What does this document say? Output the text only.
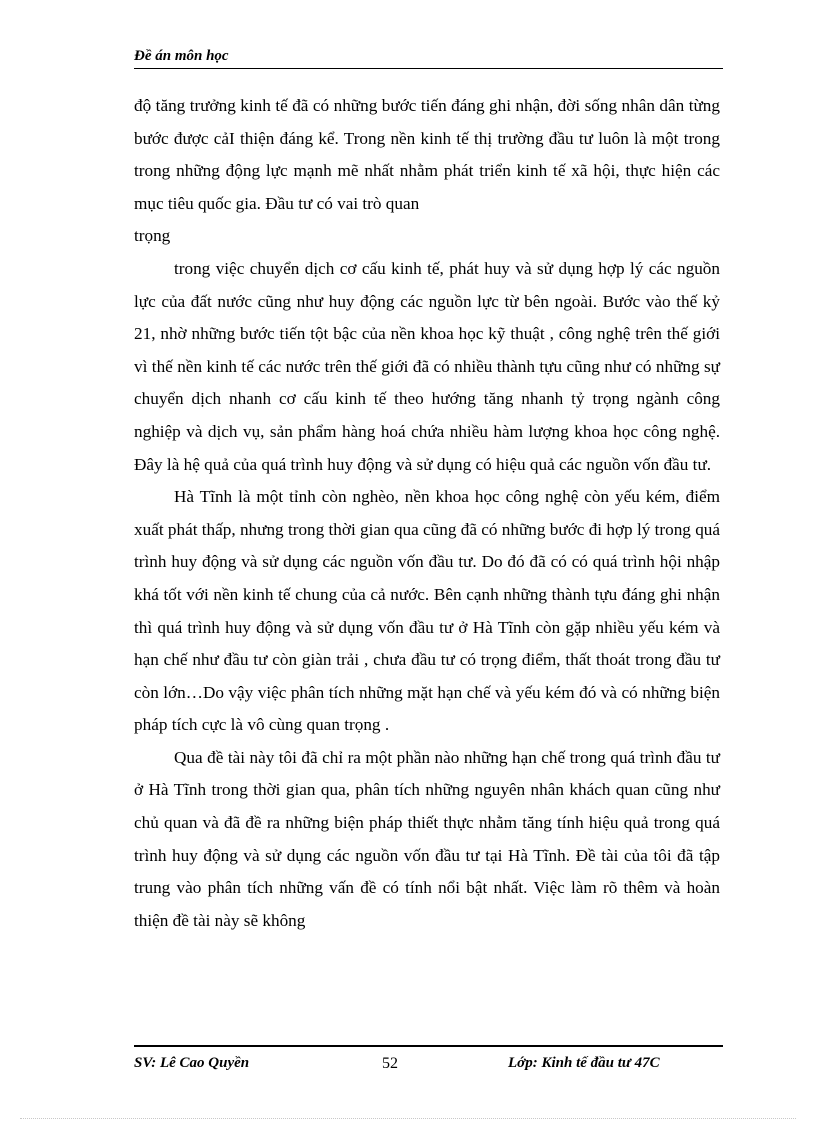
Đề án môn học

độ tăng trưởng kinh tế đã có những bước tiến đáng ghi nhận, đời sống nhân dân từng bước được cảI thiện đáng kể. Trong nền kinh tế thị trường đầu tư luôn là một trong trong những động lực mạnh mẽ nhất nhằm phát triển kinh tế xã hội, thực hiện các mục tiêu quốc gia. Đầu tư có vai trò quan

trọng

trong việc chuyển dịch cơ cấu kinh tế, phát huy và sử dụng hợp lý các nguồn lực của đất nước cũng như huy động các nguồn lực từ bên ngoài. Bước vào thế kỷ 21, nhờ những bước tiến tột bậc của nền khoa học kỹ thuật , công nghệ trên thế giới vì thế nền kinh tế các nước trên thế giới đã có nhiều thành tựu cũng như có những sự chuyển dịch nhanh cơ cấu kinh tế theo hướng tăng nhanh tỷ trọng ngành công nghiệp và dịch vụ, sản phẩm hàng hoá chứa nhiều hàm lượng khoa học công nghệ. Đây là hệ quả của quá trình huy động và sử dụng có hiệu quả các nguồn vốn đầu tư.

Hà Tĩnh là một tỉnh còn nghèo, nền khoa học công nghệ còn yếu kém, điểm xuất phát thấp, nhưng trong thời gian qua cũng đã có những bước đi hợp lý trong quá trình huy động và sử dụng các nguồn vốn đầu tư. Do đó đã có có quá trình hội nhập khá tốt với nền kinh tế chung của cả nước. Bên cạnh những thành tựu đáng ghi nhận thì quá trình huy động và sử dụng vốn đầu tư ở Hà Tĩnh còn gặp nhiều yếu kém và hạn chế như đầu tư còn giàn trải , chưa đầu tư có trọng điểm, thất thoát trong đầu tư còn lớn…Do vậy việc phân tích những mặt hạn chế và yếu kém đó và có những biện pháp tích cực là vô cùng quan trọng .

Qua đề tài này tôi đã chỉ ra một phần nào những hạn chế trong quá trình đầu tư ở Hà Tĩnh trong thời gian qua, phân tích những nguyên nhân khách quan cũng như chủ quan và đã đề ra những biện pháp thiết thực nhằm tăng tính hiệu quả trong quá trình huy động và sử dụng các nguồn vốn đầu tư tại Hà Tĩnh. Đề tài của tôi đã tập trung vào phân tích những vấn đề có tính nổi bật nhất. Việc làm rõ thêm và hoàn thiện đề tài này sẽ không

SV: Lê Cao Quyền	52	Lớp: Kinh tế đầu tư 47C
